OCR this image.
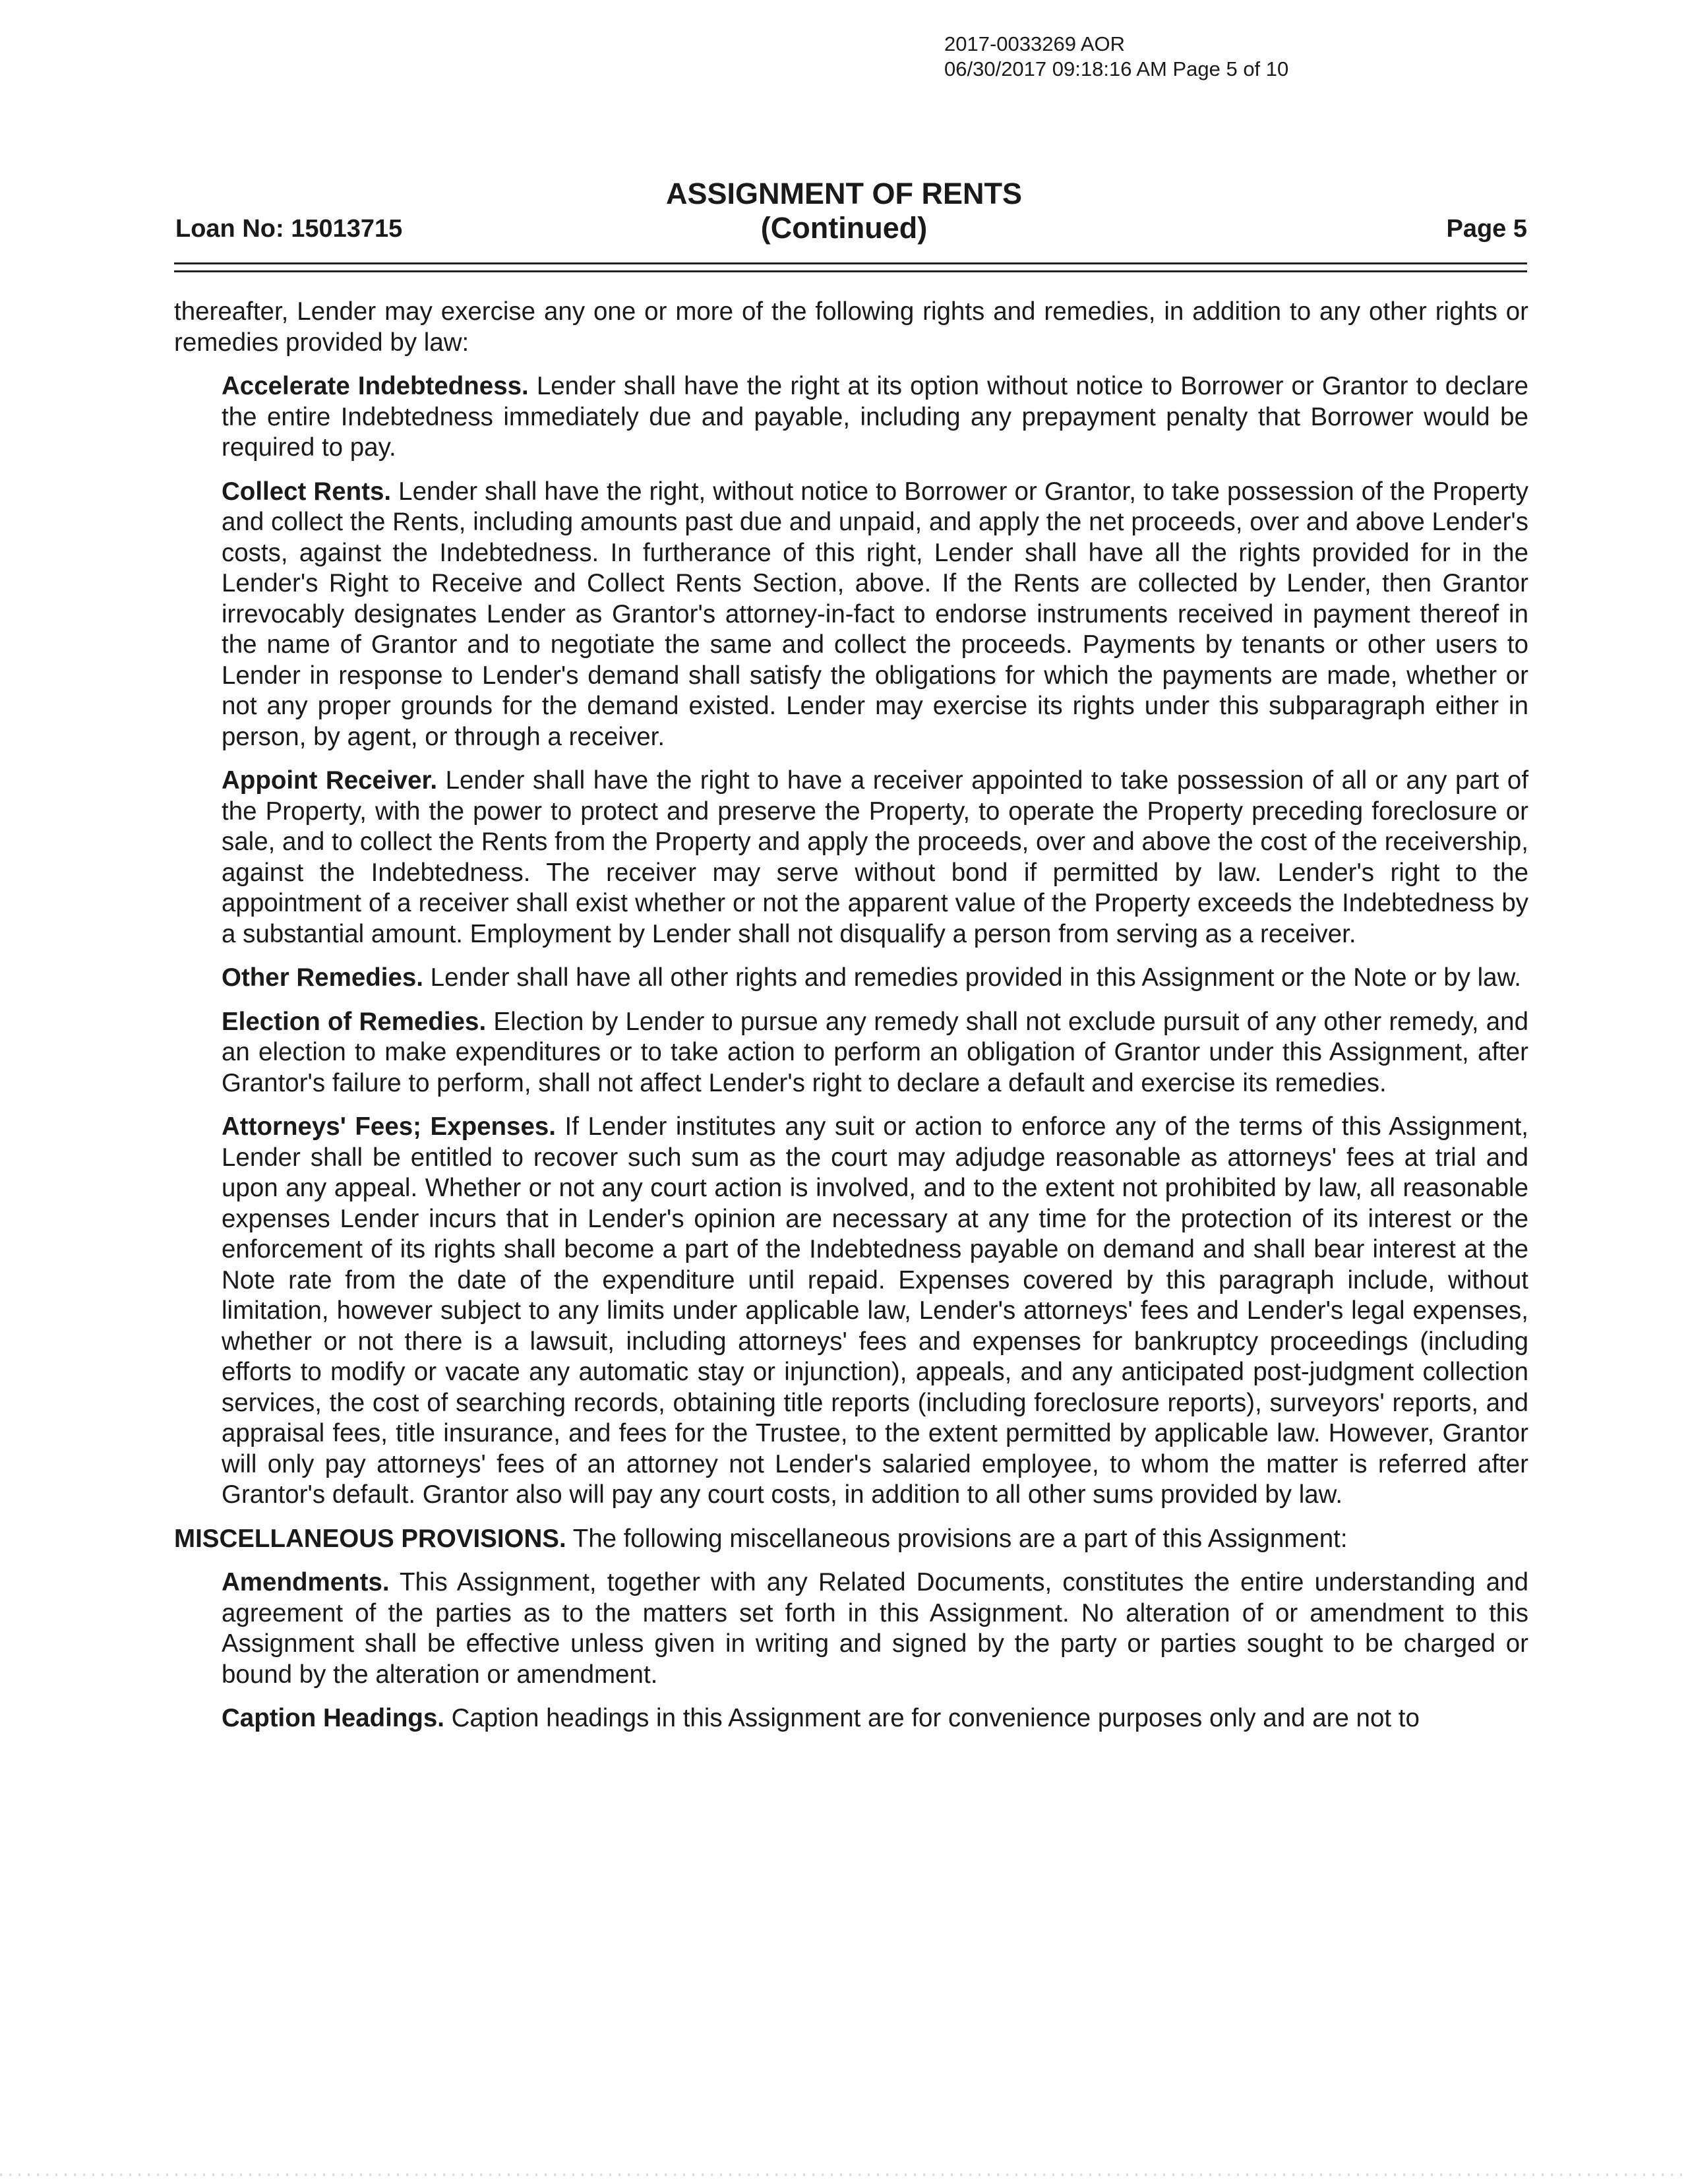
2017-0033269 AOR
06/30/2017 09:18:16 AM Page 5 of 10
ASSIGNMENT OF RENTS
(Continued)
Loan No: 15013715	Page 5

thereafter, Lender may exercise any one or more of the following rights and remedies, in addition to any other rights or remedies provided by law:

Accelerate Indebtedness. Lender shall have the right at its option without notice to Borrower or Grantor to declare the entire Indebtedness immediately due and payable, including any prepayment penalty that Borrower would be required to pay.

Collect Rents. Lender shall have the right, without notice to Borrower or Grantor, to take possession of the Property and collect the Rents, including amounts past due and unpaid, and apply the net proceeds, over and above Lender's costs, against the Indebtedness. In furtherance of this right, Lender shall have all the rights provided for in the Lender's Right to Receive and Collect Rents Section, above. If the Rents are collected by Lender, then Grantor irrevocably designates Lender as Grantor's attorney-in-fact to endorse instruments received in payment thereof in the name of Grantor and to negotiate the same and collect the proceeds. Payments by tenants or other users to Lender in response to Lender's demand shall satisfy the obligations for which the payments are made, whether or not any proper grounds for the demand existed. Lender may exercise its rights under this subparagraph either in person, by agent, or through a receiver.

Appoint Receiver. Lender shall have the right to have a receiver appointed to take possession of all or any part of the Property, with the power to protect and preserve the Property, to operate the Property preceding foreclosure or sale, and to collect the Rents from the Property and apply the proceeds, over and above the cost of the receivership, against the Indebtedness. The receiver may serve without bond if permitted by law. Lender's right to the appointment of a receiver shall exist whether or not the apparent value of the Property exceeds the Indebtedness by a substantial amount. Employment by Lender shall not disqualify a person from serving as a receiver.

Other Remedies. Lender shall have all other rights and remedies provided in this Assignment or the Note or by law.

Election of Remedies. Election by Lender to pursue any remedy shall not exclude pursuit of any other remedy, and an election to make expenditures or to take action to perform an obligation of Grantor under this Assignment, after Grantor's failure to perform, shall not affect Lender's right to declare a default and exercise its remedies.

Attorneys' Fees; Expenses. If Lender institutes any suit or action to enforce any of the terms of this Assignment, Lender shall be entitled to recover such sum as the court may adjudge reasonable as attorneys' fees at trial and upon any appeal. Whether or not any court action is involved, and to the extent not prohibited by law, all reasonable expenses Lender incurs that in Lender's opinion are necessary at any time for the protection of its interest or the enforcement of its rights shall become a part of the Indebtedness payable on demand and shall bear interest at the Note rate from the date of the expenditure until repaid. Expenses covered by this paragraph include, without limitation, however subject to any limits under applicable law, Lender's attorneys' fees and Lender's legal expenses, whether or not there is a lawsuit, including attorneys' fees and expenses for bankruptcy proceedings (including efforts to modify or vacate any automatic stay or injunction), appeals, and any anticipated post-judgment collection services, the cost of searching records, obtaining title reports (including foreclosure reports), surveyors' reports, and appraisal fees, title insurance, and fees for the Trustee, to the extent permitted by applicable law. However, Grantor will only pay attorneys' fees of an attorney not Lender's salaried employee, to whom the matter is referred after Grantor's default. Grantor also will pay any court costs, in addition to all other sums provided by law.

MISCELLANEOUS PROVISIONS. The following miscellaneous provisions are a part of this Assignment:

Amendments. This Assignment, together with any Related Documents, constitutes the entire understanding and agreement of the parties as to the matters set forth in this Assignment. No alteration of or amendment to this Assignment shall be effective unless given in writing and signed by the party or parties sought to be charged or bound by the alteration or amendment.

Caption Headings. Caption headings in this Assignment are for convenience purposes only and are not to
